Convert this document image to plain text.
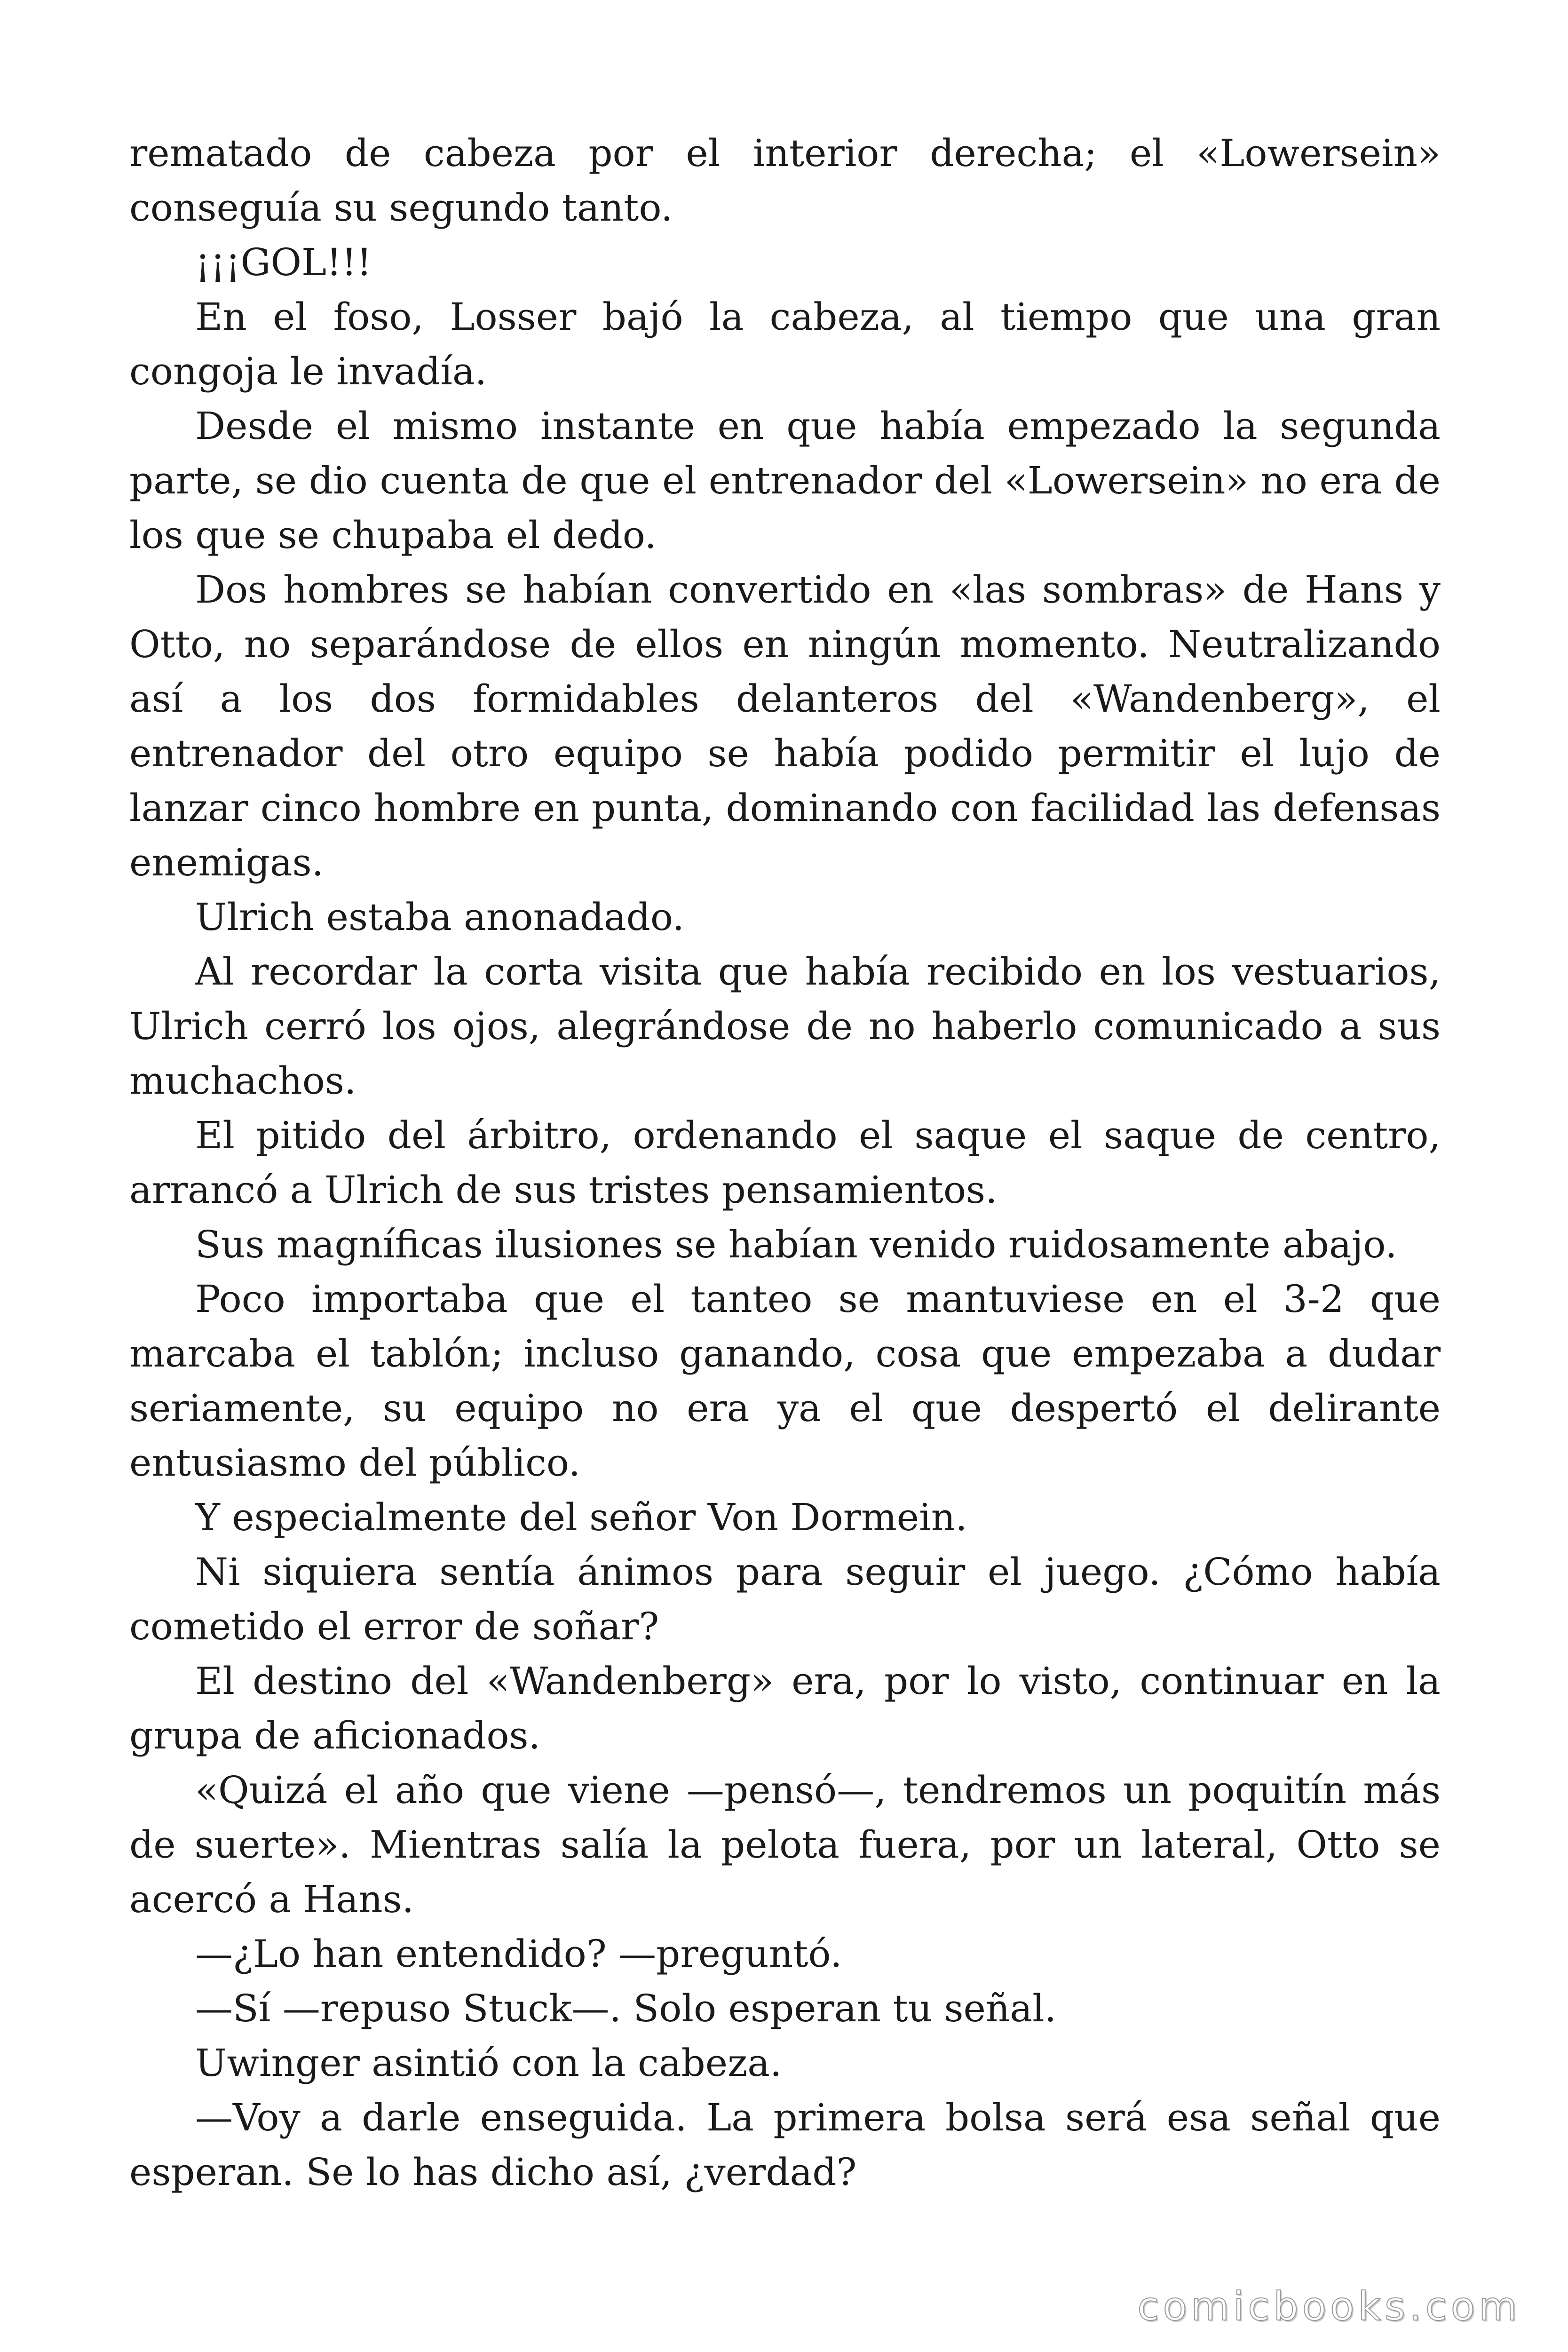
rematado de cabeza por el interior derecha; el «Lowersein» conseguía su segundo tanto.

¡¡¡GOL!!!

En el foso, Losser bajó la cabeza, al tiempo que una gran congoja le invadía.

Desde el mismo instante en que había empezado la segunda parte, se dio cuenta de que el entrenador del «Lowersein» no era de los que se chupaba el dedo.

Dos hombres se habían convertido en «las sombras» de Hans y Otto, no separándose de ellos en ningún momento. Neutralizando así a los dos formidables delanteros del «Wandenberg», el entrenador del otro equipo se había podido permitir el lujo de lanzar cinco hombre en punta, dominando con facilidad las defensas enemigas.

Ulrich estaba anonadado.

Al recordar la corta visita que había recibido en los vestuarios, Ulrich cerró los ojos, alegrándose de no haberlo comunicado a sus muchachos.

El pitido del árbitro, ordenando el saque el saque de centro, arrancó a Ulrich de sus tristes pensamientos.

Sus magníficas ilusiones se habían venido ruidosamente abajo.

Poco importaba que el tanteo se mantuviese en el 3-2 que marcaba el tablón; incluso ganando, cosa que empezaba a dudar seriamente, su equipo no era ya el que despertó el delirante entusiasmo del público.

Y especialmente del señor Von Dormein.

Ni siquiera sentía ánimos para seguir el juego. ¿Cómo había cometido el error de soñar?

El destino del «Wandenberg» era, por lo visto, continuar en la grupa de aficionados.

«Quizá el año que viene —pensó—, tendremos un poquitín más de suerte». Mientras salía la pelota fuera, por un lateral, Otto se acercó a Hans.

—¿Lo han entendido? —preguntó.

—Sí —repuso Stuck—. Solo esperan tu señal.

Uwinger asintió con la cabeza.

—Voy a darle enseguida. La primera bolsa será esa señal que esperan. Se lo has dicho así, ¿verdad?

comicbooks.com
